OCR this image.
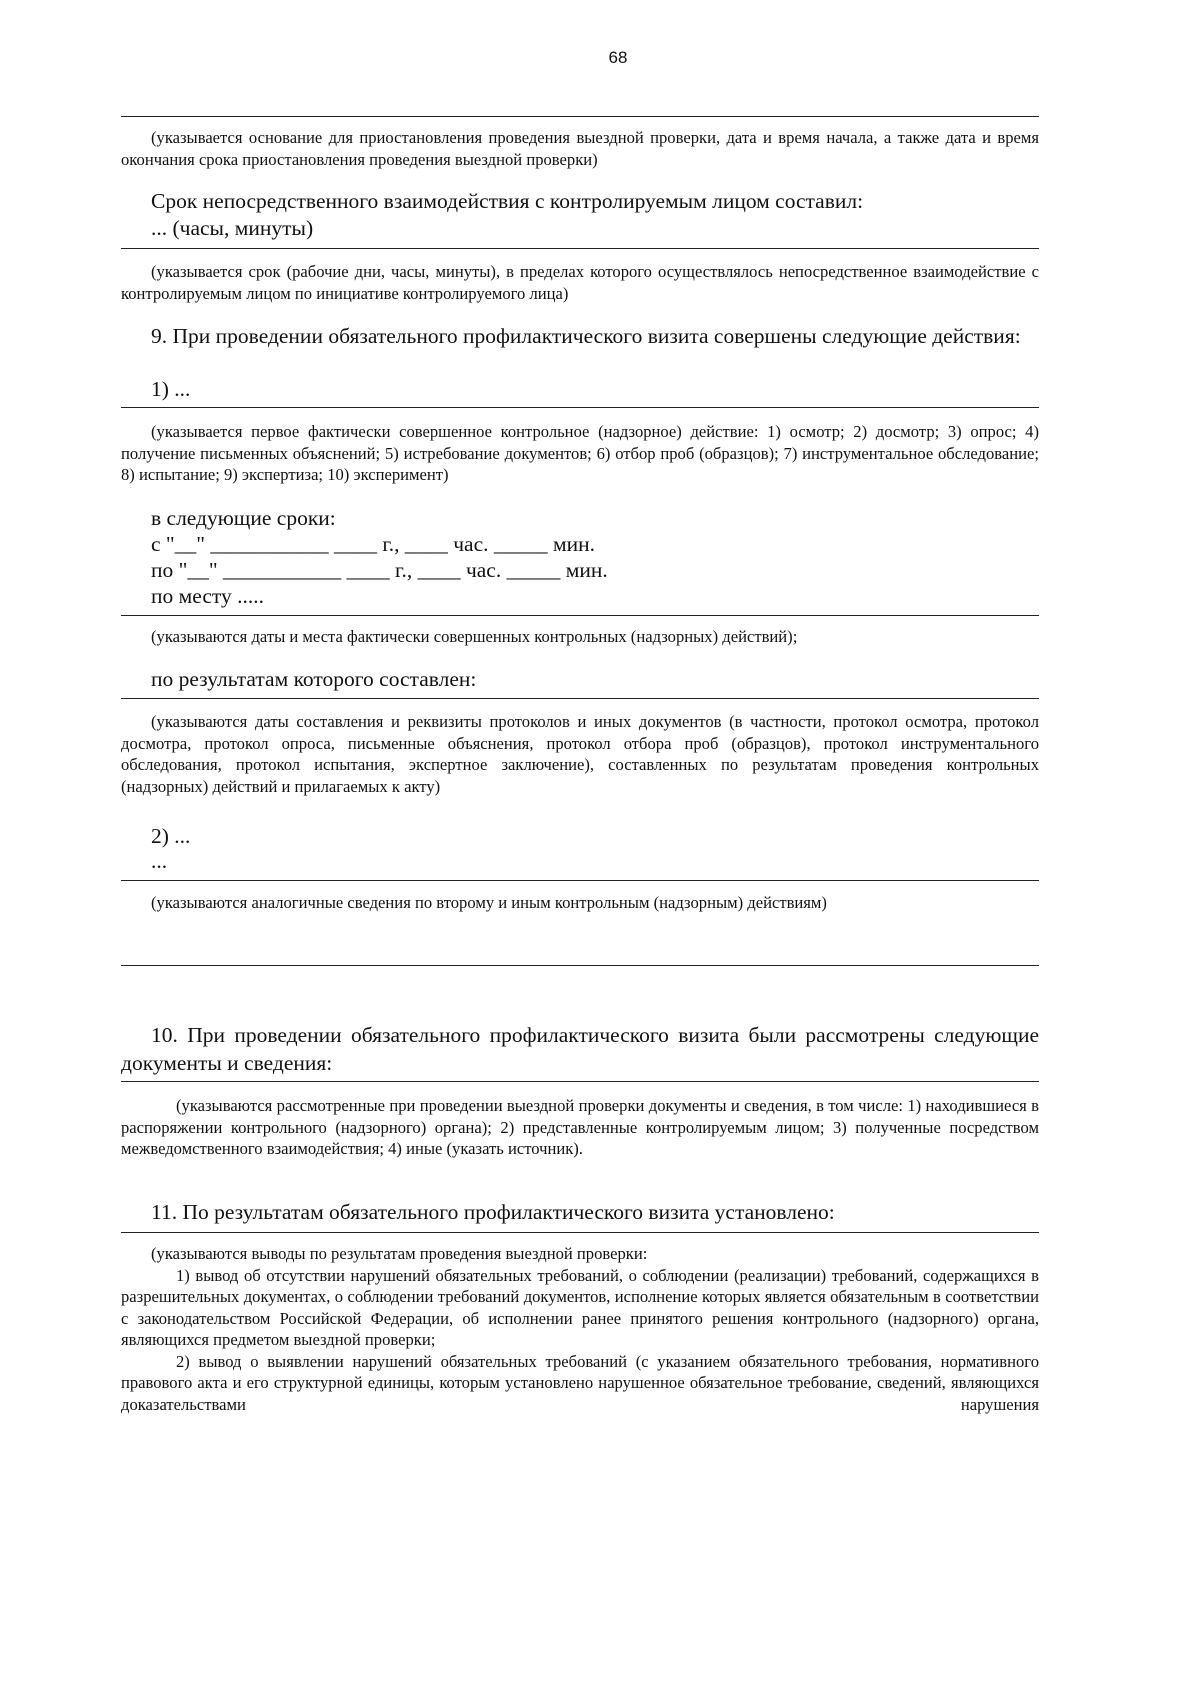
68

(указывается основание для приостановления проведения выездной проверки, дата и время начала, а также дата и время окончания срока приостановления проведения выездной проверки)

Срок непосредственного взаимодействия с контролируемым лицом составил:

... (часы, минуты)

(указывается срок (рабочие дни, часы, минуты), в пределах которого осуществлялось непосредственное взаимодействие с контролируемым лицом по инициативе контролируемого лица)

9. При проведении обязательного профилактического визита совершены следующие действия:

1) ...

(указывается первое фактически совершенное контрольное (надзорное) действие: 1) осмотр; 2) досмотр; 3) опрос; 4) получение письменных объяснений; 5) истребование документов; 6) отбор проб (образцов); 7) инструментальное обследование; 8) испытание; 9) экспертиза; 10) эксперимент)

в следующие сроки:

с "__" ___________ ____ г., ____ час. _____ мин.

по "__" ___________ ____ г., ____ час. _____ мин.

по месту .....

(указываются даты и места фактически совершенных контрольных (надзорных) действий);

по результатам которого составлен:

(указываются даты составления и реквизиты протоколов и иных документов (в частности, протокол осмотра, протокол досмотра, протокол опроса, письменные объяснения, протокол отбора проб (образцов), протокол инструментального обследования, протокол испытания, экспертное заключение), составленных по результатам проведения контрольных (надзорных) действий и прилагаемых к акту)

2) ...

...

(указываются аналогичные сведения по второму и иным контрольным (надзорным) действиям)

10. При проведении обязательного профилактического визита были рассмотрены следующие документы и сведения:

(указываются рассмотренные при проведении выездной проверки документы и сведения, в том числе: 1) находившиеся в распоряжении контрольного (надзорного) органа); 2) представленные контролируемым лицом; 3) полученные посредством межведомственного взаимодействия; 4) иные (указать источник).

11. По результатам обязательного профилактического визита установлено:

(указываются выводы по результатам проведения выездной проверки:
1) вывод об отсутствии нарушений обязательных требований, о соблюдении (реализации) требований, содержащихся в разрешительных документах, о соблюдении требований документов, исполнение которых является обязательным в соответствии с законодательством Российской Федерации, об исполнении ранее принятого решения контрольного (надзорного) органа, являющихся предметом выездной проверки;
2) вывод о выявлении нарушений обязательных требований (с указанием обязательного требования, нормативного правового акта и его структурной единицы, которым установлено нарушенное обязательное требование, сведений, являющихся доказательствами нарушения
